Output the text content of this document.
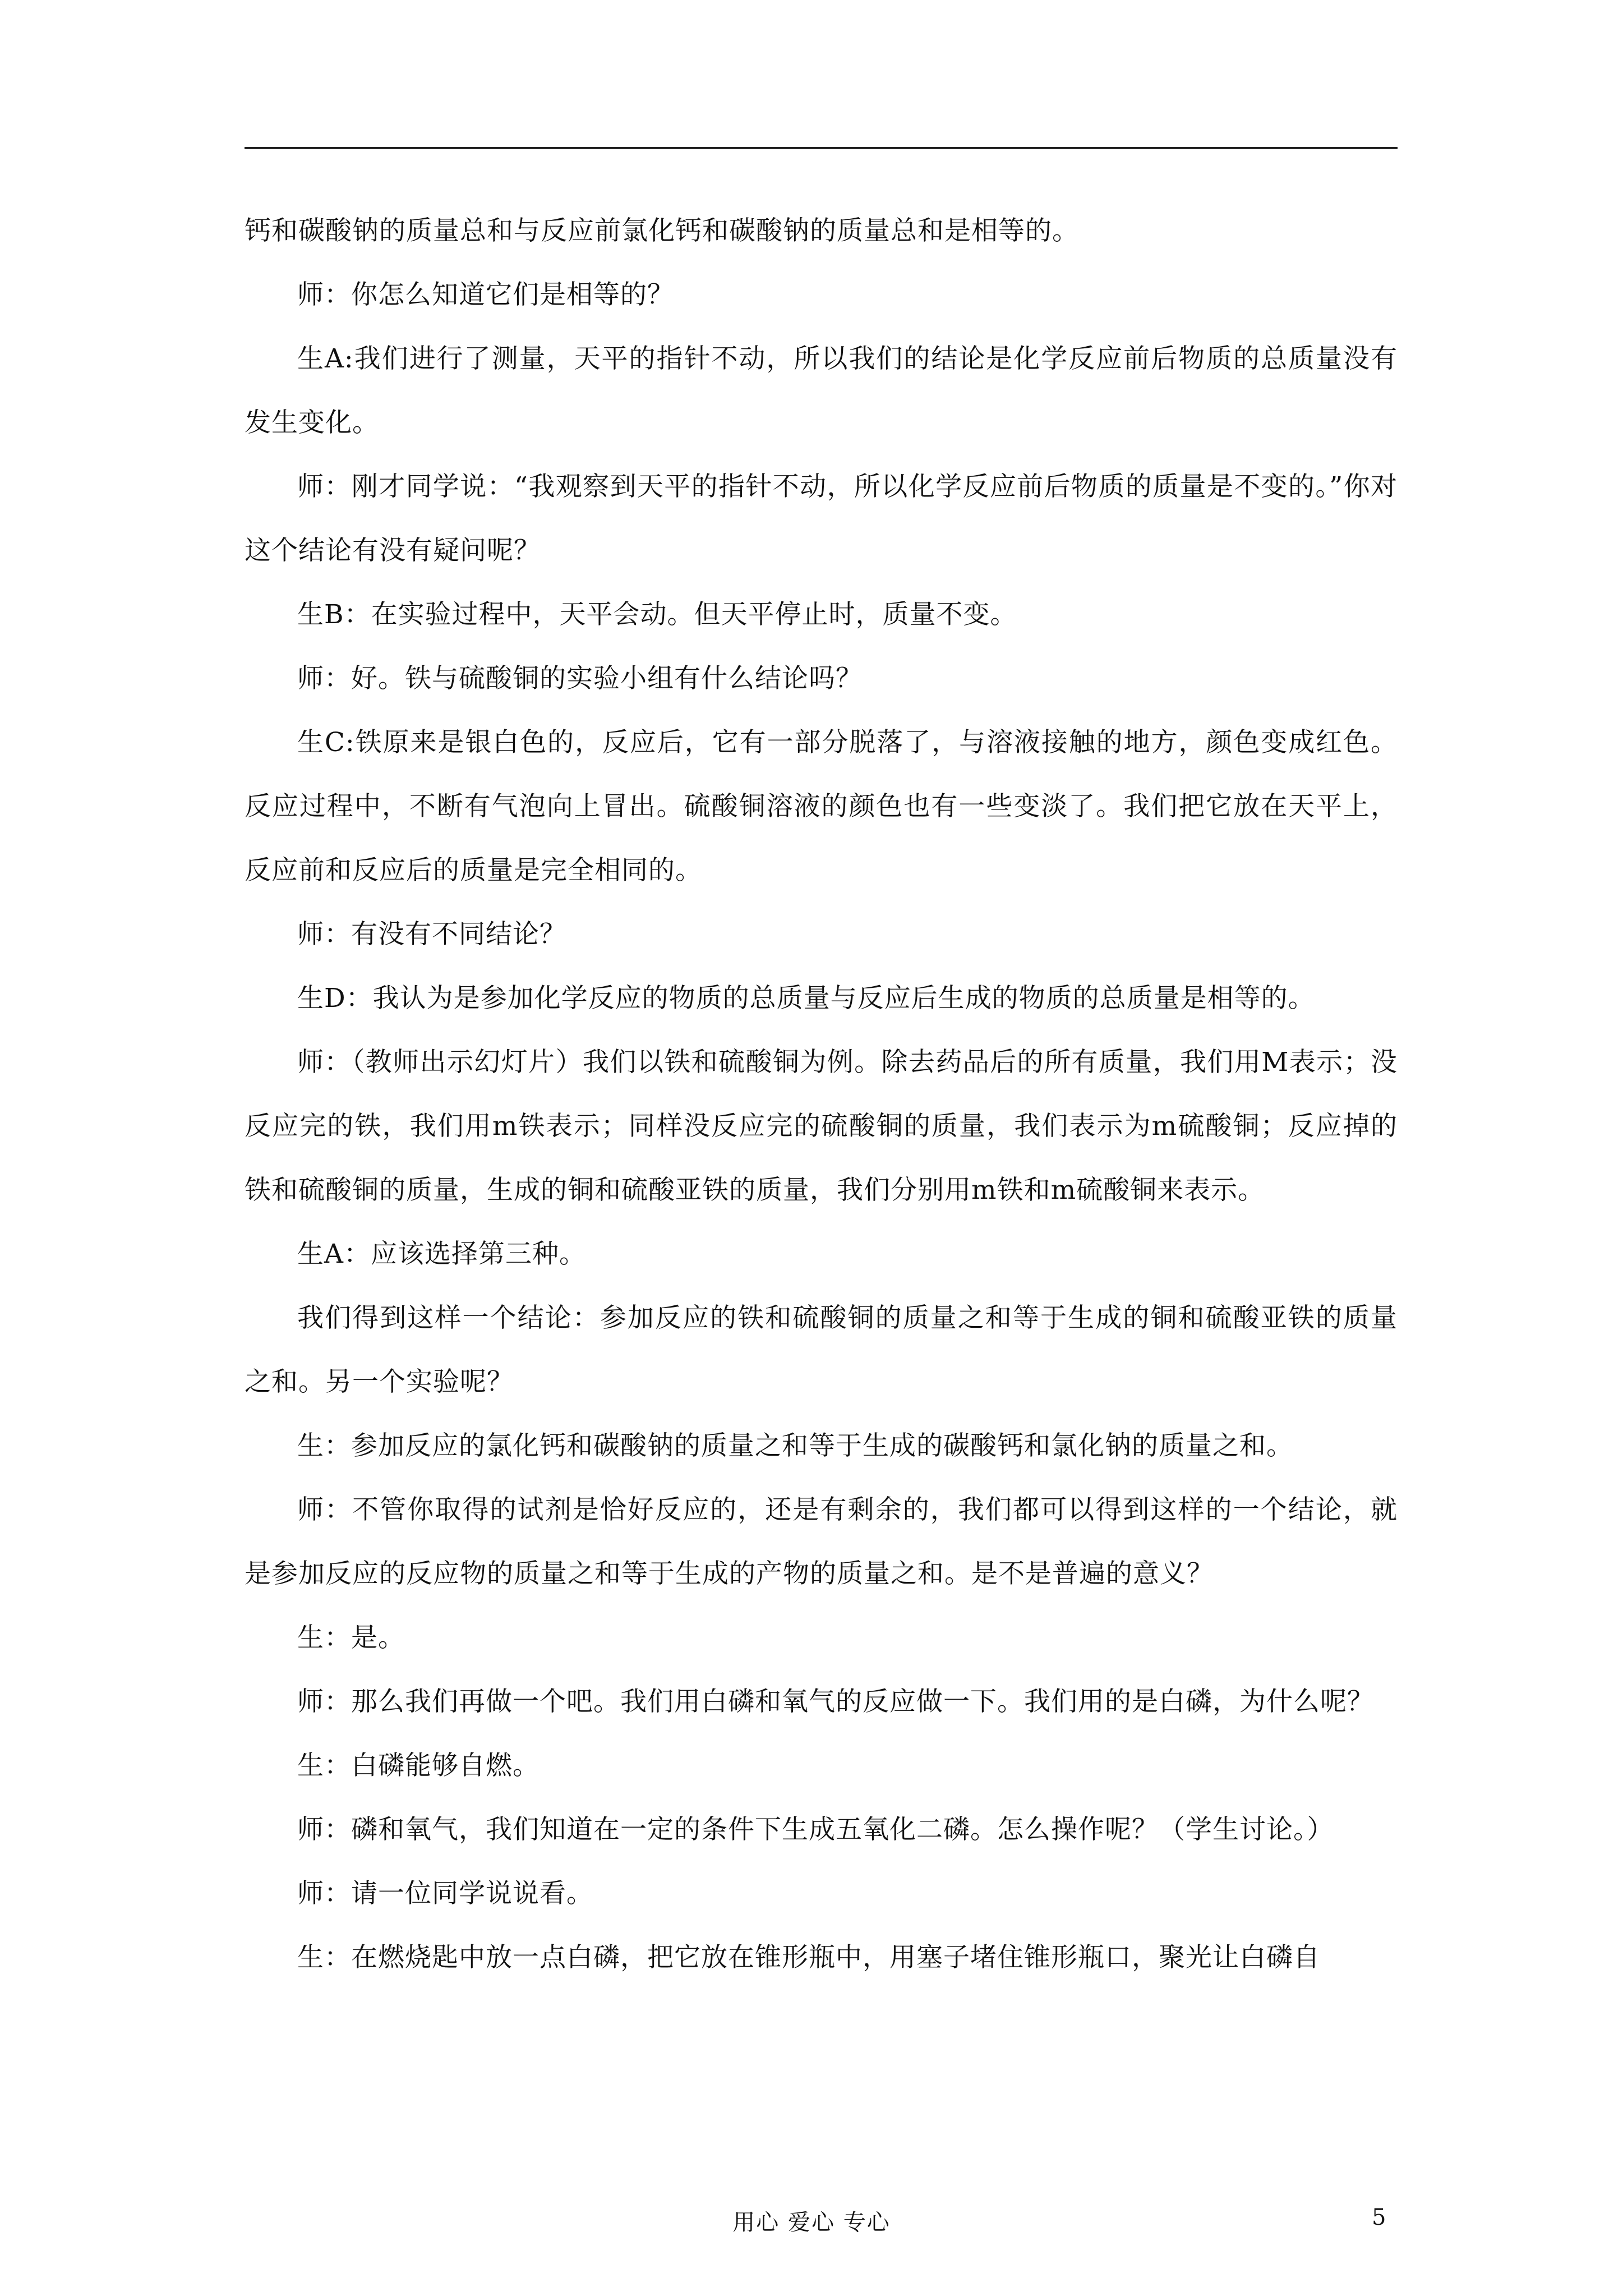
钙和碳酸钠的质量总和与反应前氯化钙和碳酸钠的质量总和是相等的。

师：你怎么知道它们是相等的？

生A:我们进行了测量，天平的指针不动，所以我们的结论是化学反应前后物质的总质量没有发生变化。

师：刚才同学说：“我观察到天平的指针不动，所以化学反应前后物质的质量是不变的。”你对这个结论有没有疑问呢？

生B：在实验过程中，天平会动。但天平停止时，质量不变。

师：好。铁与硫酸铜的实验小组有什么结论吗？

生C:铁原来是银白色的，反应后，它有一部分脱落了，与溶液接触的地方，颜色变成红色。反应过程中，不断有气泡向上冒出。硫酸铜溶液的颜色也有一些变淡了。我们把它放在天平上，反应前和反应后的质量是完全相同的。

师：有没有不同结论？

生D：我认为是参加化学反应的物质的总质量与反应后生成的物质的总质量是相等的。

师：（教师出示幻灯片）我们以铁和硫酸铜为例。除去药品后的所有质量，我们用M表示；没反应完的铁，我们用m铁表示；同样没反应完的硫酸铜的质量，我们表示为m硫酸铜；反应掉的铁和硫酸铜的质量，生成的铜和硫酸亚铁的质量，我们分别用m铁和m硫酸铜来表示。

生A：应该选择第三种。

我们得到这样一个结论：参加反应的铁和硫酸铜的质量之和等于生成的铜和硫酸亚铁的质量之和。另一个实验呢？

生：参加反应的氯化钙和碳酸钠的质量之和等于生成的碳酸钙和氯化钠的质量之和。

师：不管你取得的试剂是恰好反应的，还是有剩余的，我们都可以得到这样的一个结论，就是参加反应的反应物的质量之和等于生成的产物的质量之和。是不是普遍的意义？

生：是。

师：那么我们再做一个吧。我们用白磷和氧气的反应做一下。我们用的是白磷，为什么呢？

生：白磷能够自燃。

师：磷和氧气，我们知道在一定的条件下生成五氧化二磷。怎么操作呢？（学生讨论。）

师：请一位同学说说看。

生：在燃烧匙中放一点白磷，把它放在锥形瓶中，用塞子堵住锥形瓶口，聚光让白磷自

用心 爱心 专心	5
